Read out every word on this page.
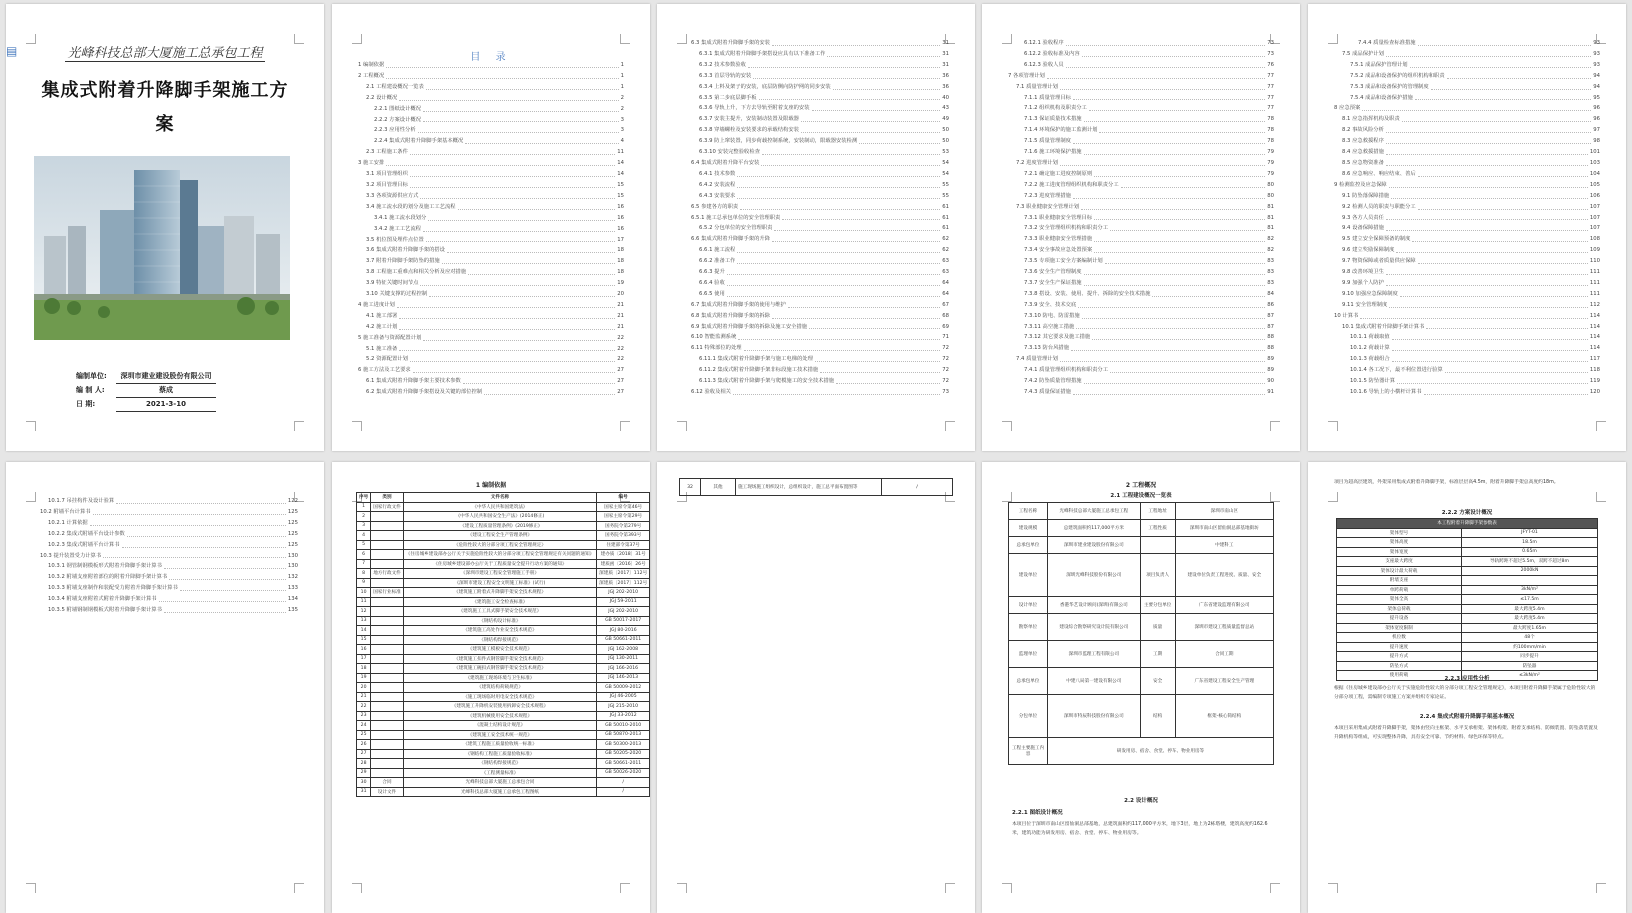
▤	光峰科技总部大厦施工总承包工程
集成式附着升降脚手架施工方案
编制单位:	深圳市建业建设股份有限公司
编 制 人:	蔡成
日 期:	2021-3-10
目 录
1 编制依据	1
2 工程概况	1
2.1 工程建设概况一览表	1
2.2 设计概况	2
2.2.1 图纸设计概况	2
2.2.2 方案设计概况	3
2.2.3 应用性分析	3
2.2.4 集成式附着升降脚手架基本概况	4
2.3 工程施工条件	11
3 施工安排	14
3.1 项目管理组织	14
3.2 项目管理目标	15
3.3 各项资源供应方式	15
3.4 施工流水段的划分及施工工艺流程	16
3.4.1 施工流水段划分	16
3.4.2 施工工艺流程	16
3.5 机位图及埋件点位置	17
3.6 集成式附着升降脚手架的搭设	18
3.7 附着升降脚手架防坠的措施	18
3.8 工程施工重难点和相关分析及应对措施	18
3.9 特征关键时间节点	19
3.10 关键支撑的过程控制	20
4 施工进度计划	21
4.1 施工部署	21
4.2 施工计划	21
5 施工准备与资源配置计划	22
5.1 施工准备	22
5.2 资源配置计划	22
6 施工方法及工艺要求	27
6.1 集成式附着升降脚手架主要技术参数	27
6.2 集成式附着升降脚手架搭设及关键的部位控制	27
6.3 集成式附着升降脚手架的安装	31
6.3.1 集成式附着升降脚手架搭设应具有以下准备工作	31
6.3.2 技术参数验收	31
6.3.3 首层导轨的安装	36
6.3.4 上料及架子的安装，底层防侧向防护网的同步安装	36
6.3.5 第二步底层脚手板	40
6.3.6 导轨上升，下方去导轨至附着支座的安装	43
6.3.7 安装主提升，安装制动装置及限载器	49
6.3.8 穿墙螺栓及安装要求的承载结构安装	50
6.3.9 防上窜装置，同步荷载控制系统，安装制动，限载器安装检测	50
6.3.10 安装完整验收检查	53
6.4 集成式附着升降平台安装	54
6.4.1 技术参数	54
6.4.2 安装流程	55
6.4.3 安装要求	55
6.5 参建各方的职责	61
6.5.1 施工总承包单位的安全管理职责	61
6.5.2 分包单位的安全管理职责	61
6.6 集成式附着升降脚手架的升降	62
6.6.1 施工流程	62
6.6.2 准备工作	63
6.6.3 提升	63
6.6.4 验收	64
6.6.5 使用	64
6.7 集成式附着升降脚手架的使用与维护	67
6.8 集成式附着升降脚手架的拆除	68
6.9 集成式附着升降脚手架的拆除及施工安全措施	69
6.10 智能监测系统	71
6.11 特殊部位的处理	72
6.11.1 集成式附着升降脚手架与施工电梯的处理	72
6.11.2 集成式附着升降脚手架非标段施工技术措施	72
6.11.3 集成式附着升降脚手架与爬模施工的安全技术措施	72
6.12 验收及相关	73
6.12.1 验收程序	73
6.12.2 验收标准及内容	73
6.12.3 验收人员	76
7 各项管理计划	77
7.1 质量管理计划	77
7.1.1 质量管理目标	77
7.1.2 组织机构及职责分工	77
7.1.3 保证质量技术措施	78
7.1.4 环境保护的施工监测计划	78
7.1.5 质量管理制度	78
7.1.6 施工环境保护措施	79
7.2 进度管理计划	79
7.2.1 确定施工进度控制原则	79
7.2.2 施工进度管理组织机构和职责分工	80
7.2.3 进度管理措施	80
7.3 职业健康安全管理计划	81
7.3.1 职业健康安全管理目标	81
7.3.2 安全管理组织机构和职责分工	81
7.3.3 职业健康安全管理措施	82
7.3.4 安全事故应急处置预案	82
7.3.5 专项施工安全方案编制计划	83
7.3.6 安全生产管理制度	83
7.3.7 安全生产保证措施	83
7.3.8 搭设、安装、使用、提升、拆除的安全技术措施	84
7.3.9 安全、技术交底	86
7.3.10 防电、防雷措施	87
7.3.11 高空施工措施	87
7.3.12 其它要求及施工措施	88
7.3.13 防台风措施	88
7.4 质量管理计划	89
7.4.1 质量管理组织机构和职责分工	89
7.4.2 防坠质量管理措施	90
7.4.3 质量保证措施	91
7.4.4 质量检查标准措施	93
7.5 成品保护计划	93
7.5.1 成品保护管理计划	93
7.5.2 成品和设备保护的组织机构和职责	94
7.5.3 成品和设备保护的管理制度	94
7.5.4 成品和设备保护措施	95
8 应急预案	96
8.1 应急指挥机构及职责	96
8.2 事故风险分析	97
8.3 应急救援程序	98
8.4 应急救援措施	101
8.5 应急物资准备	103
8.6 应急响应、响应结束、善后	104
9 检测监控及应急保障	105
9.1 防坠落保障措施	106
9.2 检测人员的职责与职能分工	107
9.3 各方人员责任	107
9.4 设备保障措施	107
9.5 建立安全保障预备的制度	108
9.6 建立奖励保障制度	109
9.7 物资保障或者质量供应保障	110
9.8 改善环境卫生	111
9.9 加强个人防护	111
9.10 加强应急保障制度	111
9.11 安全管理制度	112
10 计算书	114
10.1 集成式附着升降脚手架计算书	114
10.1.1 荷载取值	114
10.1.2 荷载计算	114
10.1.3 荷载组合	117
10.1.4 各工况下，最不利位置进行验算	118
10.1.5 防坠器计算	119
10.1.6 导轨上的小横杆计算书	120
10.1.7 吊挂构件及设计验算	122
10.2 附墙平台计算书	125
10.2.1 计算依据	125
10.2.2 集成式附墙平台设计参数	125
10.2.3 集成式附墙平台计算书	125
10.3 提升装置受力计算书	130
10.3.1 钢管制钢模板形式附着升降脚手架计算书	130
10.3.2 附墙支座附着部位的附着升降脚手架计算书	132
10.3.3 附墙支座制作和装配受力附着升降脚手架计算书	133
10.3.4 附墙支座附着式附着升降脚手架计算书	134
10.3.5 附墙钢制钢模板式附着升降脚手架计算书	135
1 编制依据
序号	类别	文件名称	编号
1	国家行政文件	《中华人民共和国建筑法》	国家主席令第46号
2		《中华人民共和国安全生产法》(2014修正)	国家主席令第29号
3		《建设工程质量管理条例》(2019修正)	国务院令第279号
4		《建设工程安全生产管理条例》	国务院令第393号
5		《危险性较大的分部分项工程安全管理规定》	住建部令第37号
6		《住房城乡建设部办公厅关于实施危险性较大的分部分项工程安全管理规定有关问题的通知》	建办质〔2018〕31号
7		《住房城乡建设部办公厅关于工程质量安全提升行动方案的通知》	建质函〔2016〕26号
8	地方行政文件	《深圳市建设工程安全管理施工手册》	深建质〔2017〕112号
9		《深圳市建设工程安全文明施工标准》(试行)	深建质〔2017〕112号
10	国家行业标准	《建筑施工附着式升降脚手架安全技术规程》	JGJ 202-2010
11		《建筑施工安全检查标准》	JGJ 59-2011
12		《建筑施工工具式脚手架安全技术规范》	JGJ 202-2010
13		《钢结构设计标准》	GB 50017-2017
14		《建筑施工高处作业安全技术规范》	JGJ 80-2016
15		《钢结构焊接规范》	GB 50661-2011
16		《建筑施工模板安全技术规范》	JGJ 162-2008
17		《建筑施工扣件式钢管脚手架安全技术规范》	JGJ 130-2011
18		《建筑施工碗扣式钢管脚手架安全技术规范》	JGJ 166-2016
19		《建筑施工现场环境与卫生标准》	JGJ 146-2013
20		《建筑结构荷载规范》	GB 50009-2012
21		《施工现场临时用电安全技术规范》	JGJ 46-2005
22		《建筑施工升降机安装使用拆卸安全技术规程》	JGJ 215-2010
23		《建筑机械使用安全技术规程》	JGJ 33-2012
24		《混凝土结构设计规范》	GB 50010-2010
25		《建筑施工安全技术统一规范》	GB 50870-2013
26		《建筑工程施工质量验收统一标准》	GB 50300-2013
27		《钢结构工程施工质量验收标准》	GB 50205-2020
28		《钢结构焊接规范》	GB 50661-2011
29		《工程测量标准》	GB 50026-2020
30	合同	光峰科技总部大厦施工总承包合同	/
31	设计文件	光峰科技总部大厦施工总承包工程图纸	/
32	其他	施工现场施工组织设计，总组织设计，施工总平面布置图等	/	2 工程概况
2.1 工程建设概况一览表
工程名称	光峰科技总部大厦施工总承包工程	工程地址	深圳市南山区
建设规模	总建筑面积约117,000平方米	工程性质	深圳市南山区留仙洞总部基地街坊
总承包单位	深圳市建业建设股份有限公司		中建科工
建设单位	深圳光峰科技股份有限公司	项目负责人	建设单位负责工程进度、质量、安全
设计单位	香港华艺设计顾问(深圳)有限公司	主要分包单位	广东省建设监理有限公司
勘察单位	建设综合勘察研究设计院有限公司	质量	深圳市建设工程质量监督总站
监理单位	深圳市监理工程有限公司	工期	合同工期
总承包单位	中建八局第一建设有限公司	安全	广东省建设工程安全生产管理
分包单位	深圳市特辰科技股份有限公司	结构	框架-核心筒结构
工程主要施工内容	研发用房、宿舍、食堂、停车、物业用房等		
2.2 设计概况
2.2.1 图纸设计概况
本项目位于深圳市南山区留仙洞总部基地，总建筑面积约117,000平方米，地下3层，地上为2栋塔楼，建筑高度约162.6米，建筑功能为研发用房、宿舍、食堂、停车、物业用房等。
项目为超高层建筑，外架采用集成式附着升降脚手架，标准层层高4.5m，附着升降脚手架总高度约18m。
2.2.2 方案设计概况
本工程附着升降脚手架参数表	
架体型号	JFYT-01
架体高度	18.5m
架体宽度	0.65m
支座最大跨度	导轨跨距不超过5.5m，双跨不超过8m
架体设计最大荷载	2000kN
附墙支座	
单跨荷载	3kN/m²
架体全高	≤17.5m
架体总荷载	最大跨度5.4m
提升设备	最大跨度5.4m
架体宽度限制	最大跨度1.65m
机位数	48个
提升速度	约100mm/min
提升方式	同步提升
防坠方式	防坠器
使用荷载	≤3kN/m²
2.2.3 应用性分析
根据《住房城乡建设部办公厅关于实施危险性较大的分部分项工程安全管理规定》，本项目附着升降脚手架属于危险性较大的分部分项工程，需编制专项施工方案并组织专家论证。
2.2.4 集成式附着升降脚手架基本概况
本项目采用集成式附着升降脚手架，架体由竖向主框架、水平支承桁架、架体构架、附着支承结构、防倾装置、防坠落装置及升降机构等组成，可实现整体升降，具有安全可靠、节约材料、绿色环保等特点。
